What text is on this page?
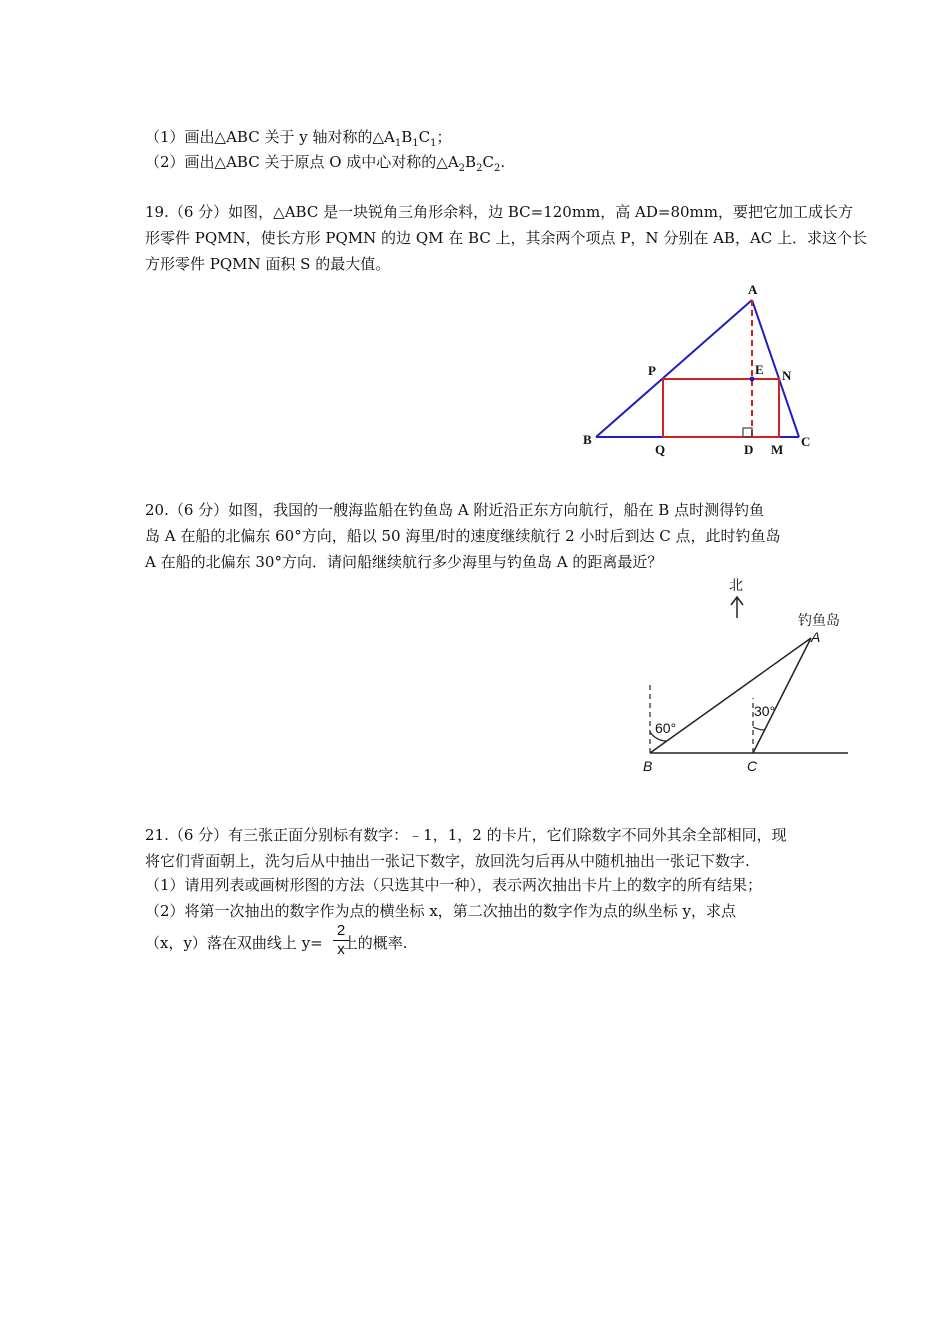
（1）画出△ABC 关于 y 轴对称的$\triangle A_1B_1C_1$；
（2）画出△ABC 关于原点 O 成中心对称的$\triangle A_2B_2C_2$.
19.（6 分）如图，△ABC 是一块锐角三角形余料，边 BC=120mm，高 AD=80mm，要把它加工成长方
形零件 PQMN，使长方形 PQMN 的边 QM 在 BC 上，其余两个项点 P，N 分别在 AB，AC 上．求这个长
方形零件 PQMN 面积 S 的最大值。
A
B	C
P	E N
Q	D M
20.（6 分）如图，我国的一艘海监船在钓鱼岛 A 附近沿正东方向航行，船在 B 点时测得钓鱼
岛 A 在船的北偏东 60°方向，船以 50 海里/时的速度继续航行 2 小时后到达 C 点，此时钓鱼岛
A 在船的北偏东 30°方向．请问船继续航行多少海里与钓鱼岛 A 的距离最近？
北
钓鱼岛
A
60°
30°
B	C
21.（6 分）有三张正面分别标有数字：﹣1，1，2 的卡片，它们除数字不同外其余全部相同，现
将它们背面朝上，洗匀后从中抽出一张记下数字，放回洗匀后再从中随机抽出一张记下数字.
（1）请用列表或画树形图的方法（只选其中一种），表示两次抽出卡片上的数字的所有结果；
（2）将第一次抽出的数字作为点的横坐标 x，第二次抽出的数字作为点的纵坐标 y，求点
（x，y）落在双曲线上 y= 上的概率.
2
x
